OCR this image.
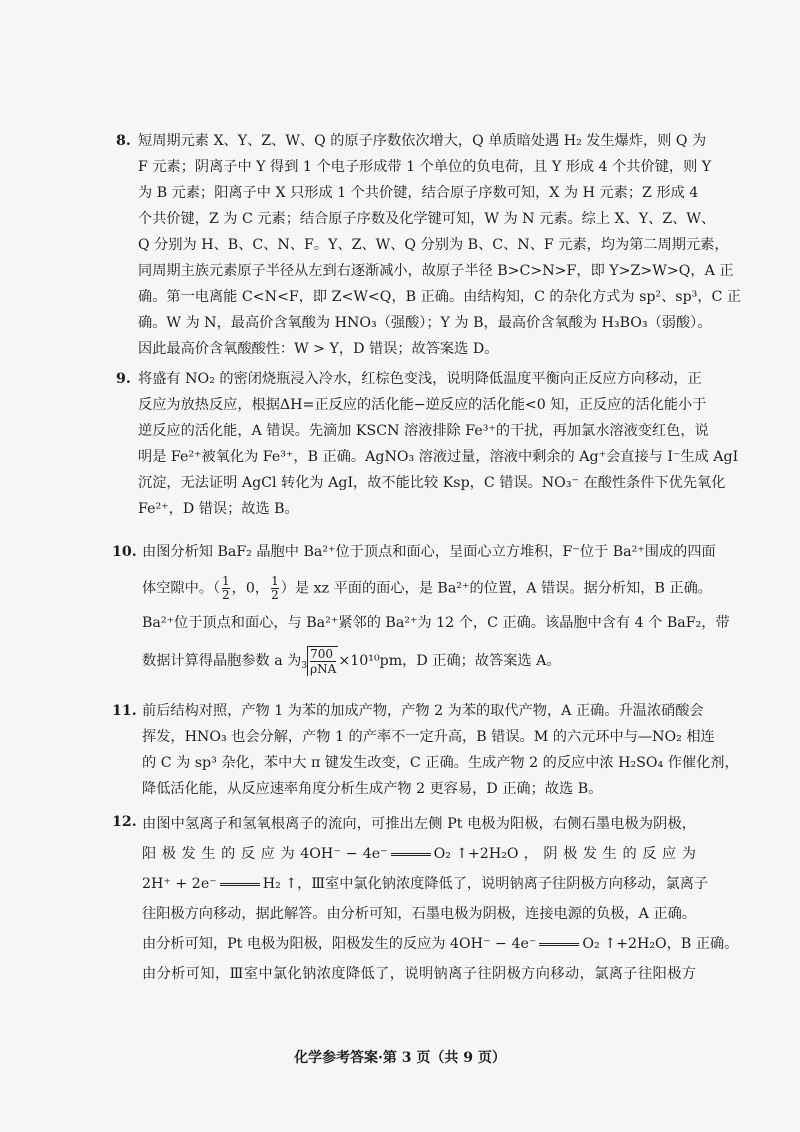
8. 短周期元素 X、Y、Z、W、Q 的原子序数依次增大，Q 单质暗处遇 H₂ 发生爆炸，则 Q 为
F 元素；阴离子中 Y 得到 1 个电子形成带 1 个单位的负电荷，且 Y 形成 4 个共价键，则 Y
为 B 元素；阳离子中 X 只形成 1 个共价键，结合原子序数可知，X 为 H 元素；Z 形成 4
个共价键，Z 为 C 元素；结合原子序数及化学键可知，W 为 N 元素。综上 X、Y、Z、W、
Q 分别为 H、B、C、N、F。Y、Z、W、Q 分别为 B、C、N、F 元素，均为第二周期元素，
同周期主族元素原子半径从左到右逐渐减小，故原子半径 B>C>N>F，即 Y>Z>W>Q，A 正
确。第一电离能 C<N<F，即 Z<W<Q，B 正确。由结构知，C 的杂化方式为 sp²、sp³，C 正
确。W 为 N，最高价含氧酸为 HNO₃（强酸）；Y 为 B，最高价含氧酸为 H₃BO₃（弱酸）。
因此最高价含氧酸酸性：W > Y，D 错误；故答案选 D。
9. 将盛有 NO₂ 的密闭烧瓶浸入冷水，红棕色变浅，说明降低温度平衡向正反应方向移动，正
反应为放热反应，根据ΔH=正反应的活化能−逆反应的活化能<0 知，正反应的活化能小于
逆反应的活化能，A 错误。先滴加 KSCN 溶液排除 Fe³⁺的干扰，再加氯水溶液变红色，说
明是 Fe²⁺被氧化为 Fe³⁺，B 正确。AgNO₃ 溶液过量，溶液中剩余的 Ag⁺会直接与 I⁻生成 AgI
沉淀，无法证明 AgCl 转化为 AgI，故不能比较 Ksp，C 错误。NO₃⁻ 在酸性条件下优先氧化
Fe²⁺，D 错误；故选 B。
10. 由图分析知 BaF₂ 晶胞中 Ba²⁺位于顶点和面心，呈面心立方堆积，F⁻位于 Ba²⁺围成的四面
体空隙中。（ $\frac{1}{2}$ ，0， $\frac{1}{2}$ ）是 xz 平面的面心，是 Ba²⁺的位置，A 错误。据分析知，B 正确。
Ba²⁺位于顶点和面心，与 Ba²⁺紧邻的 Ba²⁺为 12 个，C 正确。该晶胞中含有 4 个 BaF₂，带
数据计算得晶胞参数 a 为$^3$
700
ρNA ×10¹⁰pm，D 正确；故答案选 A。
11. 前后结构对照，产物 1 为苯的加成产物，产物 2 为苯的取代产物，A 正确。升温浓硝酸会
挥发，HNO₃ 也会分解，产物 1 的产率不一定升高，B 错误。M 的六元环中与—NO₂ 相连
的 C 为 sp³ 杂化，苯中大 π 键发生改变，C 正确。生成产物 2 的反应中浓 H₂SO₄ 作催化剂，
降低活化能，从反应速率角度分析生成产物 2 更容易，D 正确；故选 B。
12. 由图中氢离子和氢氧根离子的流向，可推出左侧 Pt 电极为阳极，右侧石墨电极为阴极，
阳 极 发 生 的 反 应 为 4OH⁻ − 4e⁻	O₂ ↑+2H₂O ， 阴 极 发 生 的 反 应 为
2H⁺ + 2e⁻	H₂ ↑，Ⅲ室中氯化钠浓度降低了，说明钠离子往阴极方向移动，氯离子
往阳极方向移动，据此解答。由分析可知，石墨电极为阴极，连接电源的负极，A 正确。
由分析可知，Pt 电极为阳极，阳极发生的反应为 4OH⁻ − 4e⁻	O₂ ↑+2H₂O，B 正确。
由分析可知，Ⅲ室中氯化钠浓度降低了，说明钠离子往阴极方向移动，氯离子往阳极方
化学参考答案·第 3 页（共 9 页）
